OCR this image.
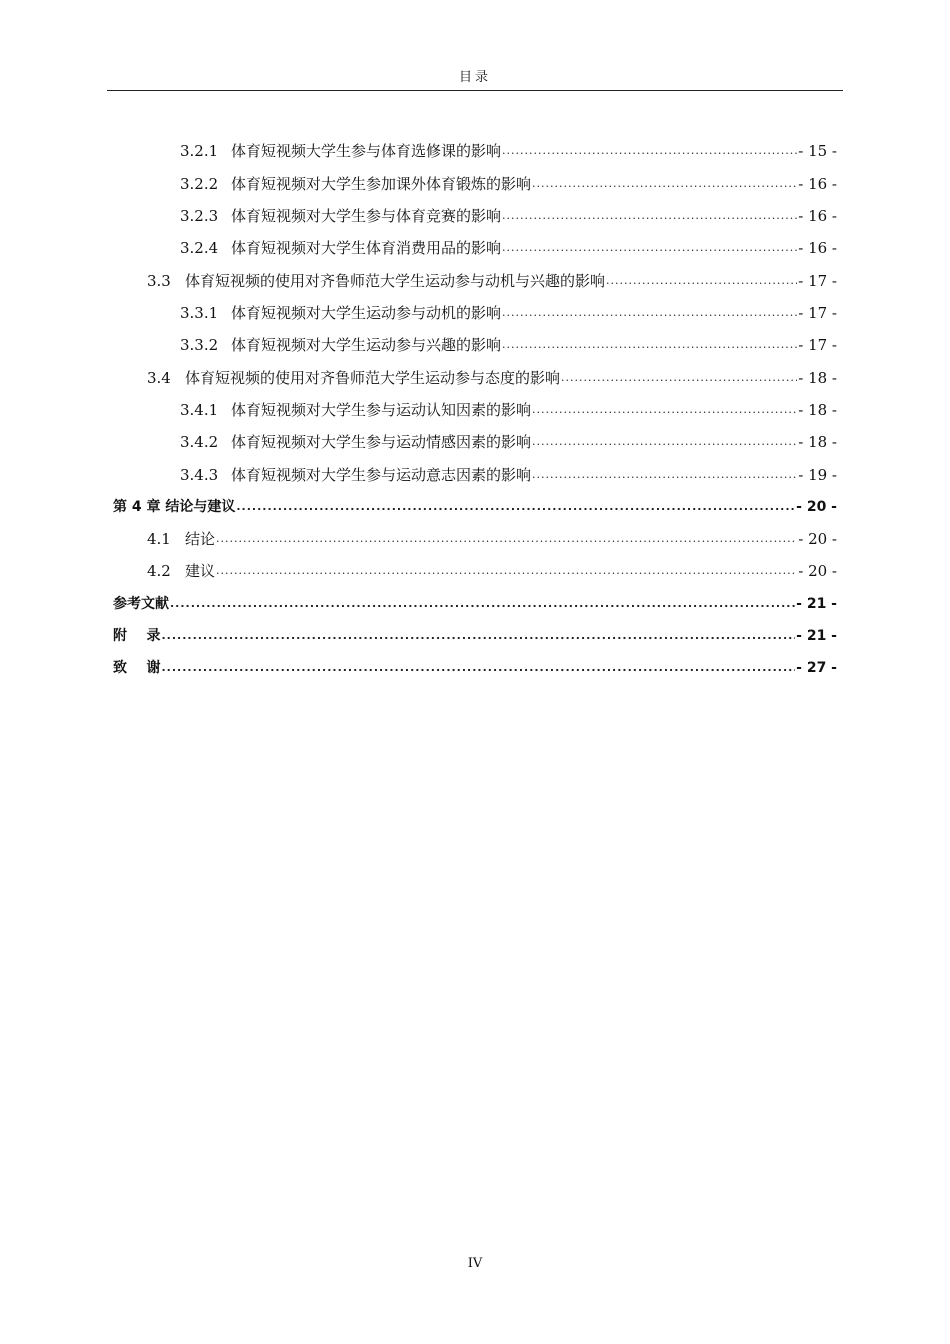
目录
3.2.1 体育短视频大学生参与体育选修课的影响 .....	- 15 -
3.2.2 体育短视频对大学生参加课外体育锻炼的影响 .....	- 16 -
3.2.3 体育短视频对大学生参与体育竞赛的影响 .....	- 16 -
3.2.4 体育短视频对大学生体育消费用品的影响 .....	- 16 -
3.3 体育短视频的使用对齐鲁师范大学生运动参与动机与兴趣的影响 .....	- 17 -
3.3.1 体育短视频对大学生运动参与动机的影响 .....	- 17 -
3.3.2 体育短视频对大学生运动参与兴趣的影响 .....	- 17 -
3.4 体育短视频的使用对齐鲁师范大学生运动参与态度的影响 .....	- 18 -
3.4.1 体育短视频对大学生参与运动认知因素的影响 .....	- 18 -
3.4.2 体育短视频对大学生参与运动情感因素的影响 .....	- 18 -
3.4.3 体育短视频对大学生参与运动意志因素的影响 .....	- 19 -
第 4 章 结论与建议 .....	- 20 -
4.1 结论 .....	- 20 -
4.2 建议 .....	- 20 -
参考文献 .....	- 21 -
附    录 .....	- 21 -
致    谢 .....	- 27 -
IV
